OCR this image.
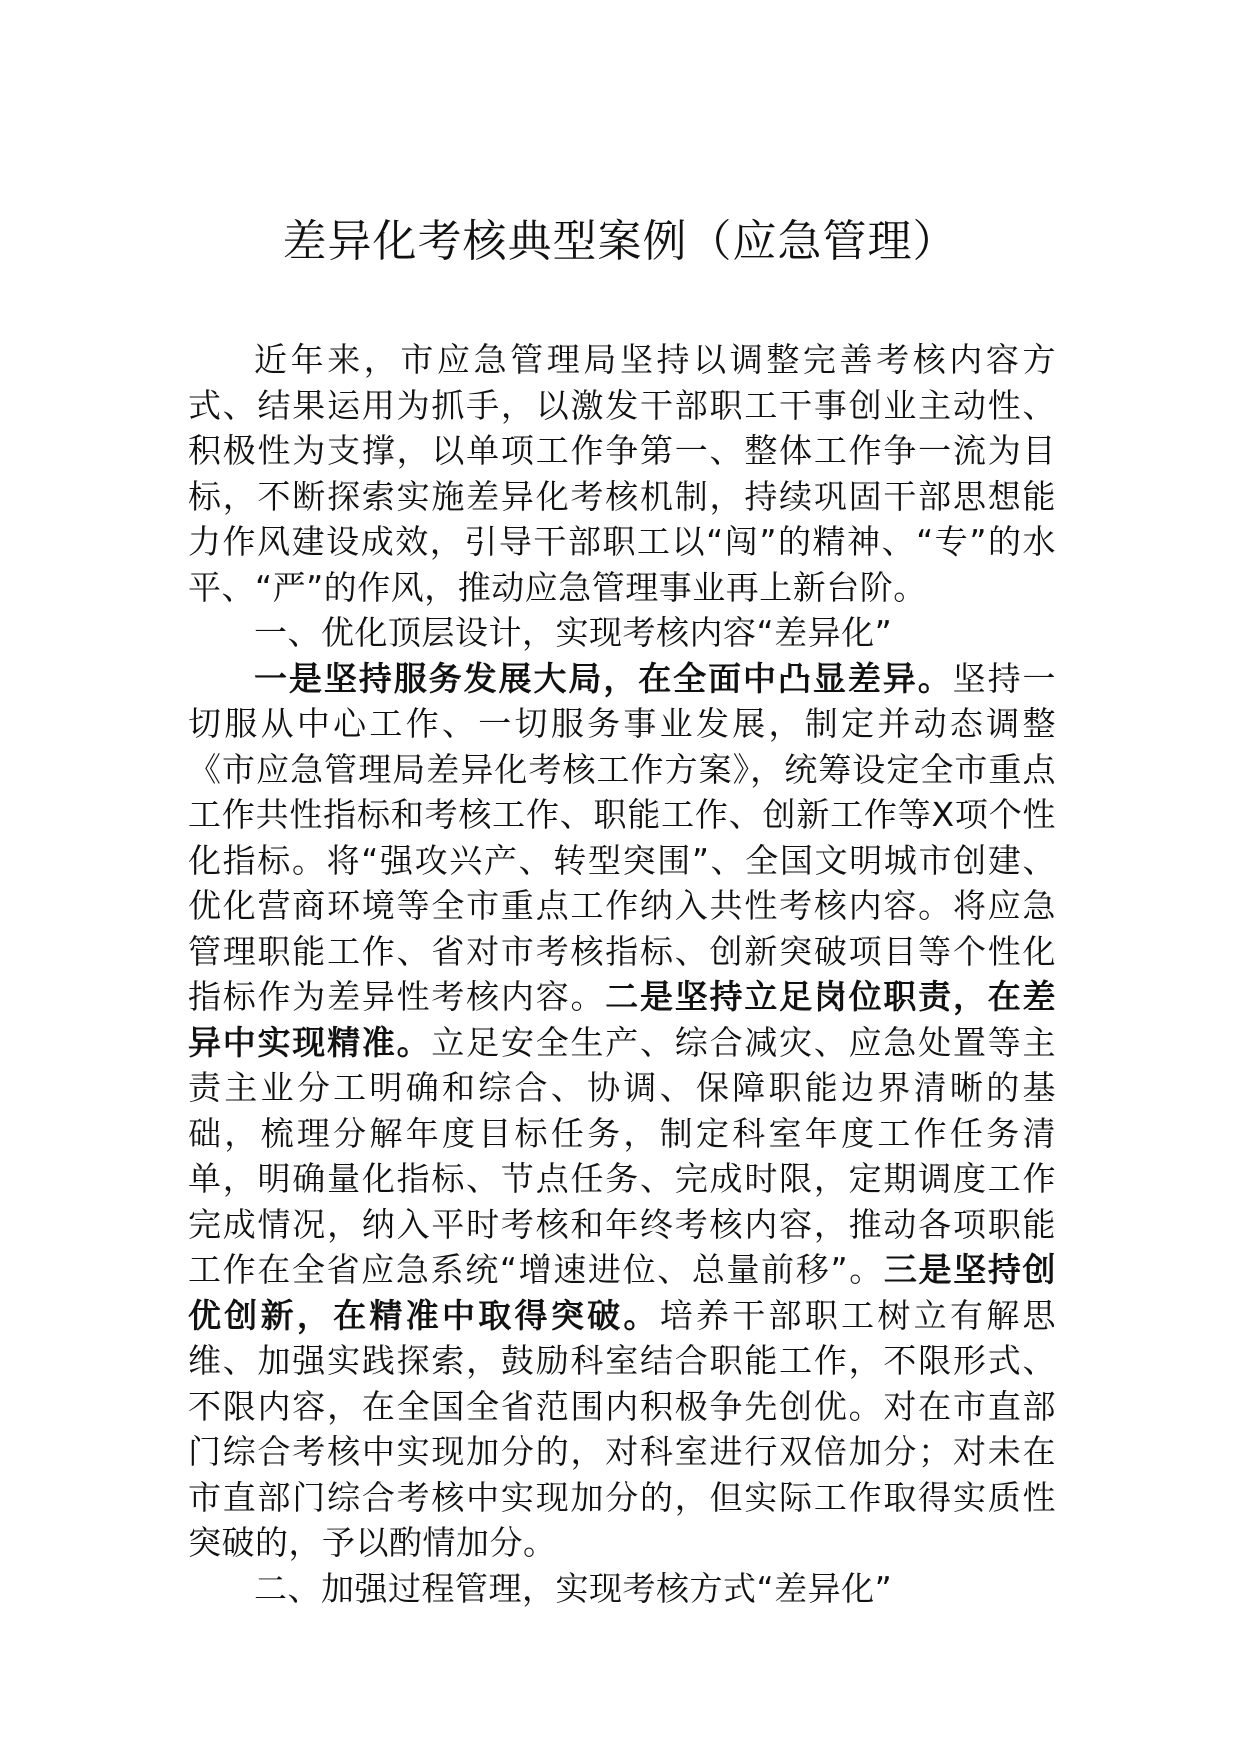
差异化考核典型案例（应急管理）

近年来，市应急管理局坚持以调整完善考核内容方式、结果运用为抓手，以激发干部职工干事创业主动性、积极性为支撑，以单项工作争第一、整体工作争一流为目标，不断探索实施差异化考核机制，持续巩固干部思想能力作风建设成效，引导干部职工以“闯”的精神、“专”的水平、“严”的作风，推动应急管理事业再上新台阶。

一、优化顶层设计，实现考核内容“差异化”

一是坚持服务发展大局，在全面中凸显差异。坚持一切服从中心工作、一切服务事业发展，制定并动态调整《市应急管理局差异化考核工作方案》，统筹设定全市重点工作共性指标和考核工作、职能工作、创新工作等X项个性化指标。将“强攻兴产、转型突围”、全国文明城市创建、优化营商环境等全市重点工作纳入共性考核内容。将应急管理职能工作、省对市考核指标、创新突破项目等个性化指标作为差异性考核内容。二是坚持立足岗位职责，在差异中实现精准。立足安全生产、综合减灾、应急处置等主责主业分工明确和综合、协调、保障职能边界清晰的基础，梳理分解年度目标任务，制定科室年度工作任务清单，明确量化指标、节点任务、完成时限，定期调度工作完成情况，纳入平时考核和年终考核内容，推动各项职能工作在全省应急系统“增速进位、总量前移”。三是坚持创优创新，在精准中取得突破。培养干部职工树立有解思维、加强实践探索，鼓励科室结合职能工作，不限形式、不限内容，在全国全省范围内积极争先创优。对在市直部门综合考核中实现加分的，对科室进行双倍加分；对未在市直部门综合考核中实现加分的，但实际工作取得实质性突破的，予以酌情加分。

二、加强过程管理，实现考核方式“差异化”
